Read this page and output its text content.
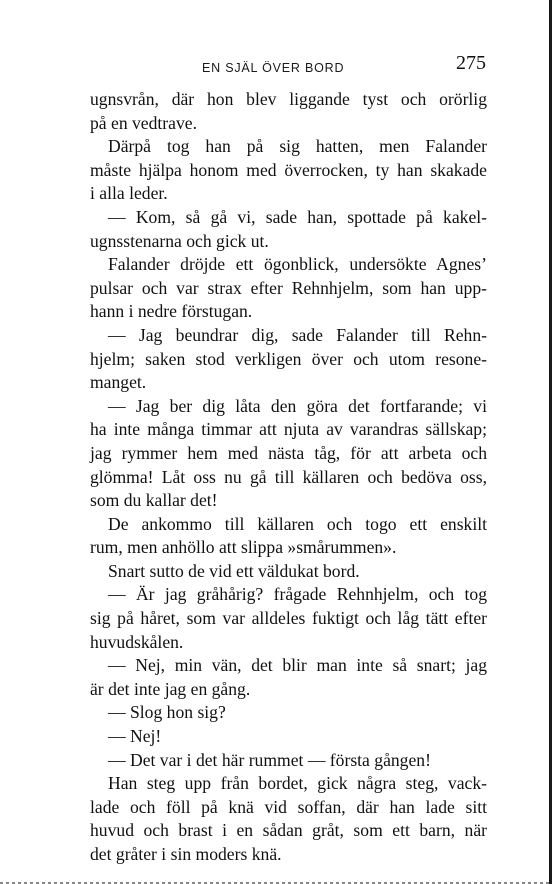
EN SJÄL ÖVER BORD	275
ugnsvrån, där hon blev liggande tyst och orörlig
på en vedtrave.
Därpå tog han på sig hatten, men Falander
måste hjälpa honom med överrocken, ty han skakade
i alla leder.
— Kom, så gå vi, sade han, spottade på kakel-
ugnsstenarna och gick ut.
Falander dröjde ett ögonblick, undersökte Agnes’
pulsar och var strax efter Rehnhjelm, som han upp-
hann i nedre förstugan.
— Jag beundrar dig, sade Falander till Rehn-
hjelm; saken stod verkligen över och utom resone-
manget.
— Jag ber dig låta den göra det fortfarande; vi
ha inte många timmar att njuta av varandras sällskap;
jag rymmer hem med nästa tåg, för att arbeta och
glömma! Låt oss nu gå till källaren och bedöva oss,
som du kallar det!
De ankommo till källaren och togo ett enskilt
rum, men anhöllo att slippa »smårummen».
Snart sutto de vid ett väldukat bord.
— Är jag gråhårig? frågade Rehnhjelm, och tog
sig på håret, som var alldeles fuktigt och låg tätt efter
huvudskålen.
— Nej, min vän, det blir man inte så snart; jag
är det inte jag en gång.
— Slog hon sig?
— Nej!
— Det var i det här rummet — första gången!
Han steg upp från bordet, gick några steg, vack-
lade och föll på knä vid soffan, där han lade sitt
huvud och brast i en sådan gråt, som ett barn, när
det gråter i sin moders knä.
